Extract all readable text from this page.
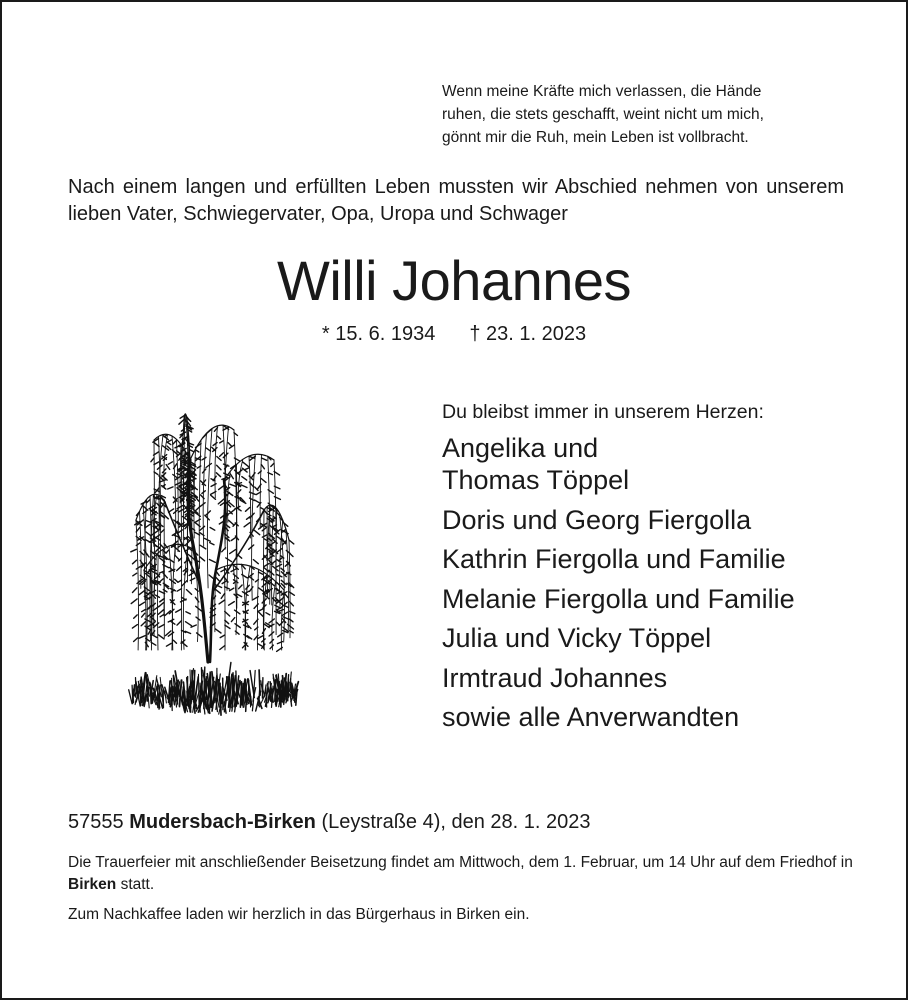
Wenn meine Kräfte mich verlassen, die Hände
ruhen, die stets geschafft, weint nicht um mich,
gönnt mir die Ruh, mein Leben ist vollbracht.

Nach einem langen und erfüllten Leben mussten wir Abschied nehmen von unserem lieben Vater, Schwiegervater, Opa, Uropa und Schwager

Willi Johannes
* 15. 6. 1934 † 23. 1. 2023

Du bleibst immer in unserem Herzen:

Angelika und
Thomas Töppel
Doris und Georg Fiergolla
Kathrin Fiergolla und Familie
Melanie Fiergolla und Familie
Julia und Vicky Töppel
Irmtraud Johannes
sowie alle Anverwandten

57555 Mudersbach-Birken (Leystraße 4), den 28. 1. 2023

Die Trauerfeier mit anschließender Beisetzung findet am Mittwoch, dem 1. Februar, um 14 Uhr auf dem Friedhof in Birken statt.

Zum Nachkaffee laden wir herzlich in das Bürgerhaus in Birken ein.
